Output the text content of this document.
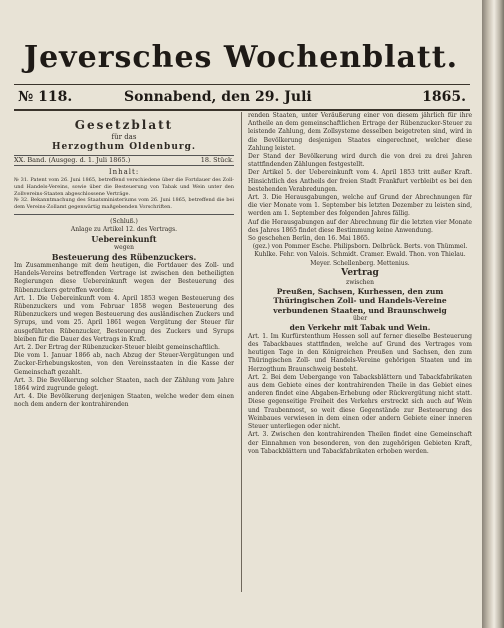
Jeversches Wochenblatt.
№ 118.	Sonnabend, den 29. Juli	1865.
Gesetzblatt
für das
Herzogthum Oldenburg.
XX. Band. (Ausgeg. d. 1. Juli 1865.)	18. Stück.
Inhalt:

№ 31. Patent vom 26. Juni 1865, betreffend verschiedene über die Fortdauer des Zoll- und Handels-Vereins, sowie über die Besteuerung von Tabak und Wein unter den Zollvereins-Staaten abgeschlossene Verträge.

№ 32. Bekanntmachung des Staatsministeriums vom 26. Juni 1865, betreffend die bei dem Vereins-Zollamt gegenwärtig maßgebenden Vorschriften.

(Schluß.)
Anlage zu Artikel 12. des Vertrags.
Uebereinkunft
wegen
Besteuerung des Rübenzuckers.

Im Zusammenhange mit dem heutigen, die Fortdauer des Zoll- und Handels-Vereins betreffenden Vertrage ist zwischen den betheiligten Regierungen diese Uebereinkunft wegen der Besteuerung des Rübenzuckers getroffen worden:

Art. 1. Die Uebereinkunft vom 4. April 1853 wegen Besteuerung des Rübenzuckers und vom Februar 1858 wegen Besteuerung des Rübenzuckers und wegen Besteuerung des ausländischen Zuckers und Syrups, und vom 25. April 1861 wegen Vergütung der Steuer für ausgeführten Rübenzucker, Besteuerung des Zuckers und Syrups bleiben für die Dauer des Vertrags in Kraft.

Art. 2. Der Ertrag der Rübenzucker-Steuer bleibt gemeinschaftlich.

Die vom 1. Januar 1866 ab, nach Abzug der Steuer-Vergütungen und Zucker-Erhebungskosten, von den Vereinsstaaten in die Kasse der Gemeinschaft gezahlt.

Art. 3. Die Bevölkerung solcher Staaten, nach der Zählung vom Jahre 1864 wird zugrunde gelegt.

Art. 4. Die Bevölkerung derjenigen Staaten, welche weder dem einen noch dem andern der kontrahirenden

renden Staaten, unter Veräußerung einer von diesem jährlich für ihre Antheile an dem gemeinschaftlichen Ertrage der Rübenzucker-Steuer zu leistende Zahlung, dem Zollsysteme desselben beigetreten sind, wird in die Bevölkerung desjenigen Staates eingerechnet, welcher diese Zahlung leistet.

Der Stand der Bevölkerung wird durch die von drei zu drei Jahren stattfindenden Zählungen festgestellt.

Der Artikel 5. der Uebereinkunft vom 4. April 1853 tritt außer Kraft. Hinsichtlich des Antheils der freien Stadt Frankfurt verbleibt es bei den bestehenden Verabredungen.

Art. 3. Die Herausgabungen, welche auf Grund der Abrechnungen für die vier Monate vom 1. September bis letzten Dezember zu leisten sind, werden am 1. September des folgenden Jahres fällig.

Auf die Herausgabungen auf der Abrechnung für die letzten vier Monate des Jahres 1865 findet diese Bestimmung keine Anwendung.

So geschehen Berlin, den 16. Mai 1865.

(gez.) von Pommer Esche. Philipsborn. Delbrück. Berts. von Thümmel. Kuhlke. Fehr. von Valois. Schmidt. Cramer. Ewald. Thon. von Thielau. Meyer. Schellenberg. Mettenius.

Vertrag
zwischen
Preußen, Sachsen, Kurhessen, den zum Thüringischen Zoll- und Handels-Vereine verbundenen Staaten, und Braunschweig
über
den Verkehr mit Tabak und Wein.

Art. 1. Im Kurfürstenthum Hessen soll auf ferner dieselbe Besteuerung des Tabackbaues stattfinden, welche auf Grund des Vertrages vom heutigen Tage in den Königreichen Preußen und Sachsen, den zum Thüringischen Zoll- und Handels-Vereine gehörigen Staaten und im Herzogthum Braunschweig besteht.

Art. 2. Bei dem Uebergange von Tabacksblättern und Tabackfabrikaten aus dem Gebiete eines der kontrahirenden Theile in das Gebiet eines anderen findet eine Abgaben-Erhebung oder Rückvergütung nicht statt. Diese gegenseitige Freiheit des Verkehrs erstreckt sich auch auf Wein und Traubenmost, so weit diese Gegenstände zur Besteuerung des Weinbaues verwiesen in dem einen oder andern Gebiete einer inneren Steuer unterliegen oder nicht.

Art. 3. Zwischen den kontrahirenden Theilen findet eine Gemeinschaft der Einnahmen von besonderen, von den zugehörigen Gebieten Kraft, von Tabackblättern und Tabackfabrikaten erhoben werden.
